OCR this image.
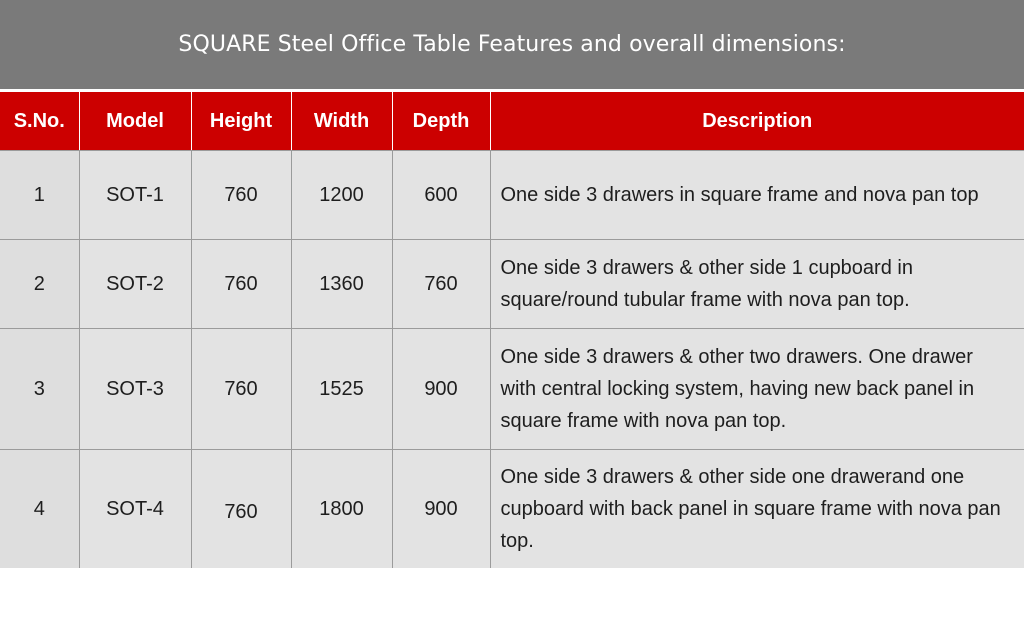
SQUARE Steel Office Table Features and overall dimensions:
S.No.	Model	Height	Width	Depth	Description
1	SOT-1	760	1200	600	One side 3 drawers in square frame and nova pan top
2	SOT-2	760	1360	760	One side 3 drawers & other side 1 cupboard in square/round tubular frame with nova pan top.
3	SOT-3	760	1525	900	One side 3 drawers & other two drawers. One drawer with central locking system, having new back panel in square frame with nova pan top.
4	SOT-4	760	1800	900	One side 3 drawers & other side one drawerand one cupboard with back panel in square frame with nova pan top.
